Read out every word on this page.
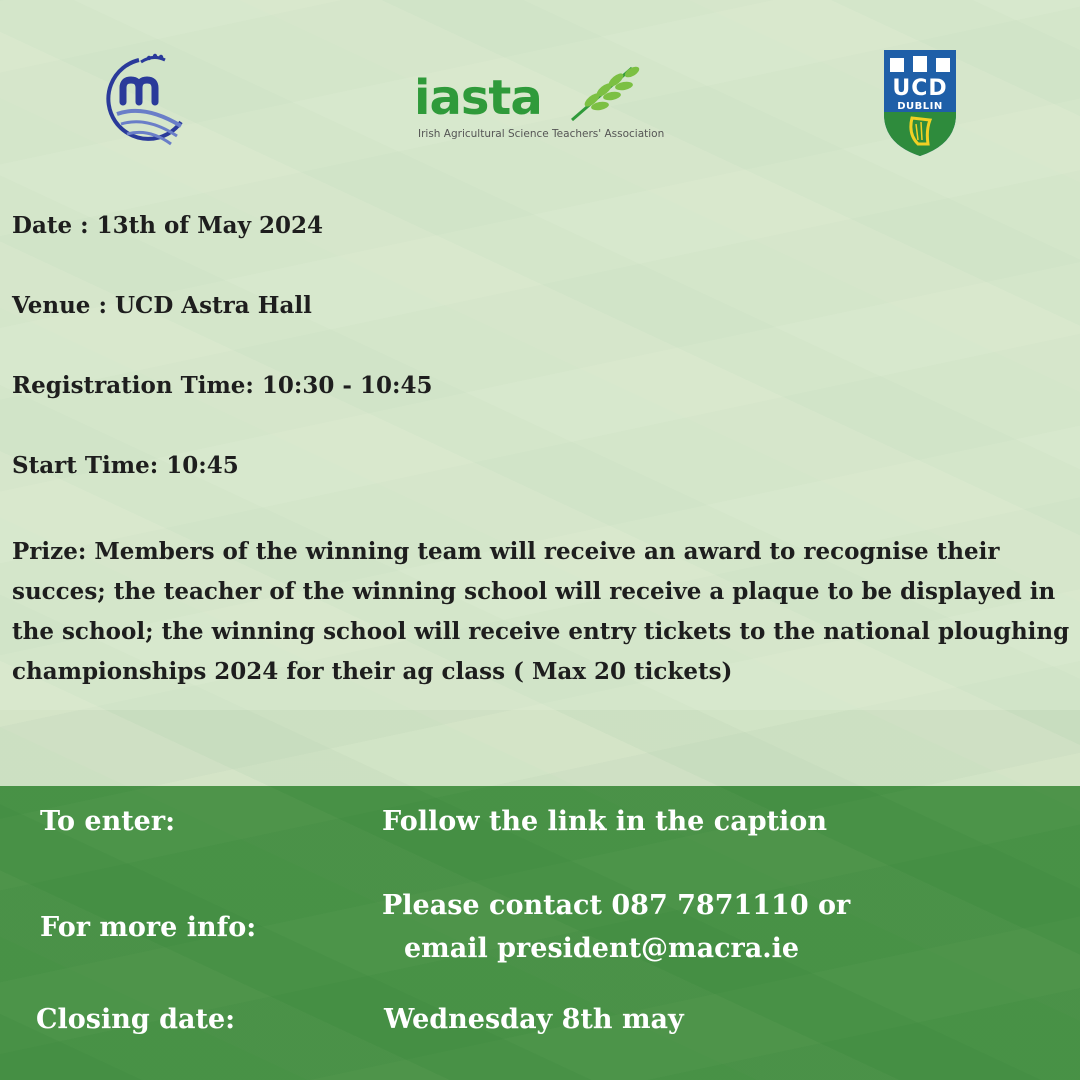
iasta
Irish Agricultural Science Teachers' Association
UCD
DUBLIN

Date : 13th of May 2024

Venue : UCD Astra Hall

Registration Time: 10:30 - 10:45

Start Time: 10:45

Prize: Members of the winning team will receive an award to recognise their succes; the teacher of the winning school will receive a plaque to be displayed in the school; the winning school will receive entry tickets to the national ploughing championships 2024 for their ag class ( Max 20 tickets)

To enter:	Follow the link in the caption

For more info:

Please contact 087 7871110 or

email president@macra.ie

Closing date:	Wednesday 8th may
